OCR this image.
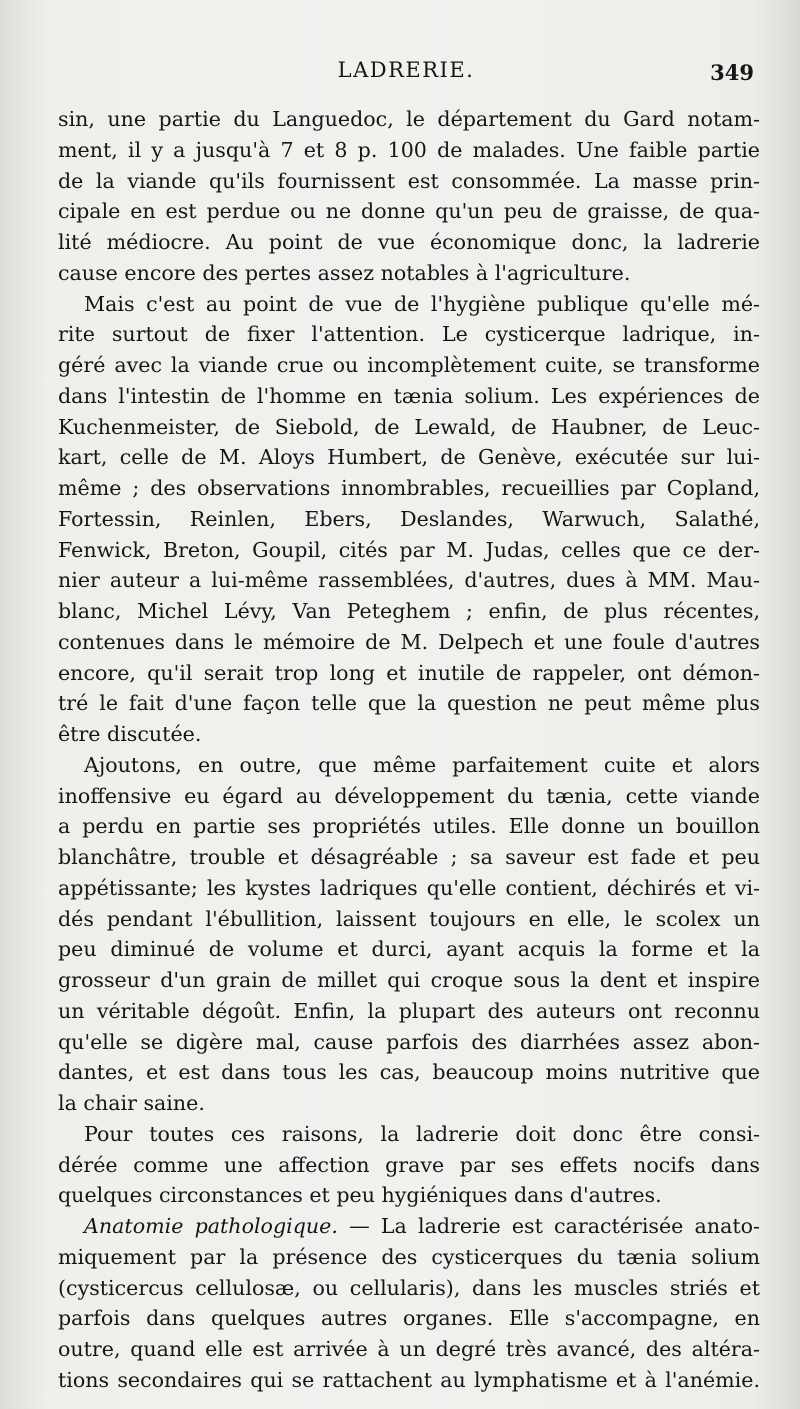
LADRERIE.	349
sin, une partie du Languedoc, le département du Gard notam-
ment, il y a jusqu'à 7 et 8 p. 100 de malades. Une faible partie
de la viande qu'ils fournissent est consommée. La masse prin-
cipale en est perdue ou ne donne qu'un peu de graisse, de qua-
lité médiocre. Au point de vue économique donc, la ladrerie
cause encore des pertes assez notables à l'agriculture.
Mais c'est au point de vue de l'hygiène publique qu'elle mé-
rite surtout de fixer l'attention. Le cysticerque ladrique, in-
géré avec la viande crue ou incomplètement cuite, se transforme
dans l'intestin de l'homme en tænia solium. Les expériences de
Kuchenmeister, de Siebold, de Lewald, de Haubner, de Leuc-
kart, celle de M. Aloys Humbert, de Genève, exécutée sur lui-
même ; des observations innombrables, recueillies par Copland,
Fortessin, Reinlen, Ebers, Deslandes, Warwuch, Salathé,
Fenwick, Breton, Goupil, cités par M. Judas, celles que ce der-
nier auteur a lui-même rassemblées, d'autres, dues à MM. Mau-
blanc, Michel Lévy, Van Peteghem ; enfin, de plus récentes,
contenues dans le mémoire de M. Delpech et une foule d'autres
encore, qu'il serait trop long et inutile de rappeler, ont démon-
tré le fait d'une façon telle que la question ne peut même plus
être discutée.
Ajoutons, en outre, que même parfaitement cuite et alors
inoffensive eu égard au développement du tænia, cette viande
a perdu en partie ses propriétés utiles. Elle donne un bouillon
blanchâtre, trouble et désagréable ; sa saveur est fade et peu
appétissante; les kystes ladriques qu'elle contient, déchirés et vi-
dés pendant l'ébullition, laissent toujours en elle, le scolex un
peu diminué de volume et durci, ayant acquis la forme et la
grosseur d'un grain de millet qui croque sous la dent et inspire
un véritable dégoût. Enfin, la plupart des auteurs ont reconnu
qu'elle se digère mal, cause parfois des diarrhées assez abon-
dantes, et est dans tous les cas, beaucoup moins nutritive que
la chair saine.
Pour toutes ces raisons, la ladrerie doit donc être consi-
dérée comme une affection grave par ses effets nocifs dans
quelques circonstances et peu hygiéniques dans d'autres.
Anatomie pathologique. — La ladrerie est caractérisée anato-
miquement par la présence des cysticerques du tænia solium
(cysticercus cellulosæ, ou cellularis), dans les muscles striés et
parfois dans quelques autres organes. Elle s'accompagne, en
outre, quand elle est arrivée à un degré très avancé, des altéra-
tions secondaires qui se rattachent au lymphatisme et à l'anémie.
